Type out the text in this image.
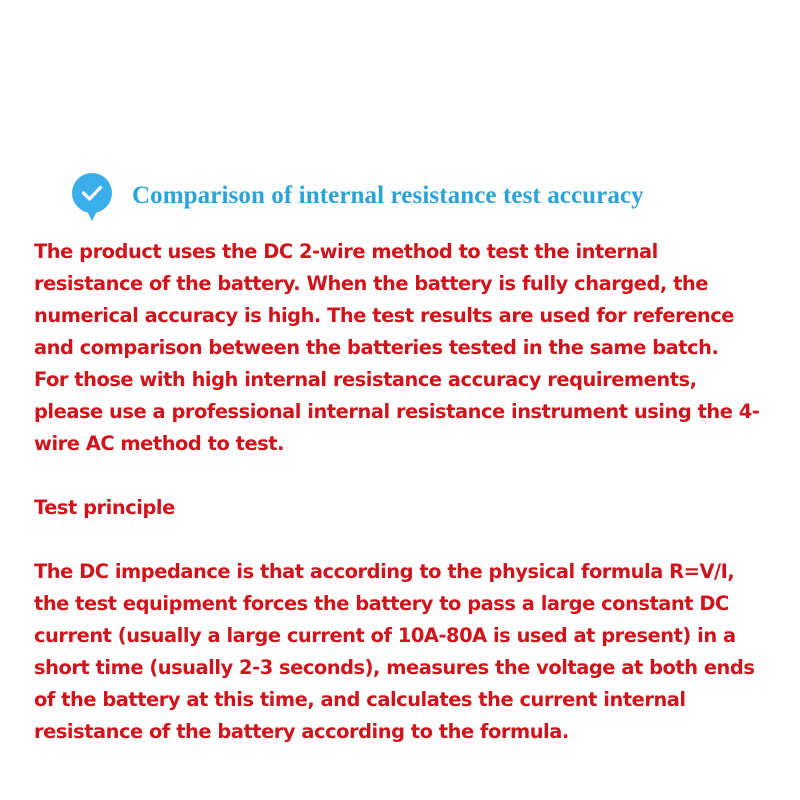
Comparison of internal resistance test accuracy
The product uses the DC 2-wire method to test the internal
resistance of the battery. When the battery is fully charged, the
numerical accuracy is high. The test results are used for reference
and comparison between the batteries tested in the same batch.
For those with high internal resistance accuracy requirements,
please use a professional internal resistance instrument using the 4-
wire AC method to test.
Test principle
The DC impedance is that according to the physical formula R=V/I,
the test equipment forces the battery to pass a large constant DC
current (usually a large current of 10A-80A is used at present) in a
short time (usually 2-3 seconds), measures the voltage at both ends
of the battery at this time, and calculates the current internal
resistance of the battery according to the formula.
